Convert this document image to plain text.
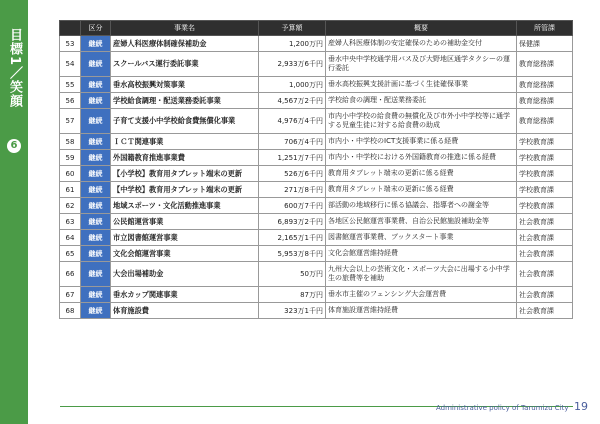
目標1／笑顔
6
	区分	事業名	予算額	概要	所管課
53	継続	産婦人科医療体制確保補助金	1,200万円	産婦人科医療体制の安定確保のための補助金交付	保健課
54	継続	スクールバス運行委託事業	2,933万6千円	垂水中央中学校通学用バス及び大野地区通学タクシーの運行委託	教育総務課
55	継続	垂水高校振興対策事業	1,000万円	垂水高校振興支援計画に基づく生徒確保事業	教育総務課
56	継続	学校給食調理・配送業務委託事業	4,567万2千円	学校給食の調理・配送業務委託	教育総務課
57	継続	子育て支援小中学校給食費無償化事業	4,976万4千円	市内小中学校の給食費の無償化及び市外小中学校等に通学する児童生徒に対する給食費の助成	教育総務課
58	継続	ＩＣＴ関連事業	706万4千円	市内小・中学校のICT支援事業に係る経費	学校教育課
59	継続	外国籍教育推進事業費	1,251万7千円	市内小・中学校における外国籍教育の推進に係る経費	学校教育課
60	継続	【小学校】教育用タブレット端末の更新	526万6千円	教育用タブレット端末の更新に係る経費	学校教育課
61	継続	【中学校】教育用タブレット端末の更新	271万8千円	教育用タブレット端末の更新に係る経費	学校教育課
62	継続	地域スポーツ・文化活動推進事業	600万7千円	部活動の地域移行に係る協議会、指導者への謝金等	学校教育課
63	継続	公民館運営事業	6,893万2千円	各地区公民館運営事業費、自治公民館施設補助金等	社会教育課
64	継続	市立図書館運営事業	2,165万1千円	図書館運営事業費、ブックスタート事業	社会教育課
65	継続	文化会館運営事業	5,953万8千円	文化会館運営維持経費	社会教育課
66	継続	大会出場補助金	50万円	九州大会以上の芸術文化・スポーツ大会に出場する小中学生の旅費等を補助	社会教育課
67	継続	垂水カップ関連事業	87万円	垂水市主催のフェンシング大会運営費	社会教育課
68	継続	体育施設費	323万1千円	体育施設運営維持経費	社会教育課
Administrative policy of Tarumizu City 19
